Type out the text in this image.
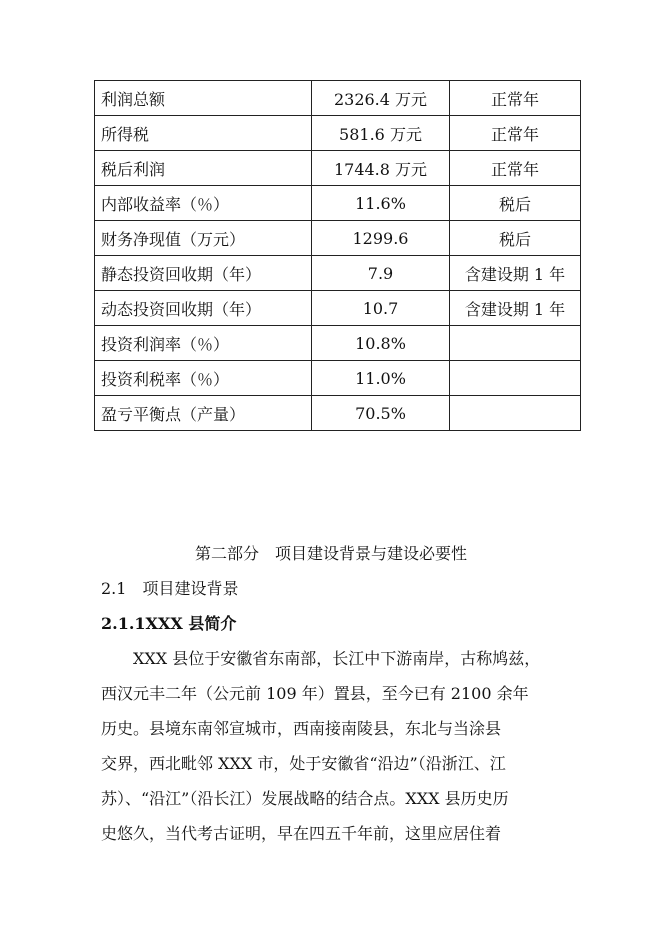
利润总额	2326.4 万元	正常年
所得税	581.6 万元	正常年
税后利润	1744.8 万元	正常年
内部收益率（％）	11.6%	税后
财务净现值（万元）	1299.6	税后
静态投资回收期（年）	7.9	含建设期 1 年
动态投资回收期（年）	10.7	含建设期 1 年
投资利润率（％）	10.8%	
投资利税率（％）	11.0%	
盈亏平衡点（产量）	70.5%	
第二部分　项目建设背景与建设必要性
2.1　项目建设背景
2.1.1XXX 县简介
　　XXX 县位于安徽省东南部，长江中下游南岸，古称鸠兹，
西汉元丰二年（公元前 109 年）置县，至今已有 2100 余年
历史。县境东南邻宣城市，西南接南陵县，东北与当涂县
交界，西北毗邻 XXX 市，处于安徽省“沿边”（沿浙江、江
苏）、“沿江”（沿长江）发展战略的结合点。XXX 县历史历
史悠久，当代考古证明，早在四五千年前，这里应居住着
